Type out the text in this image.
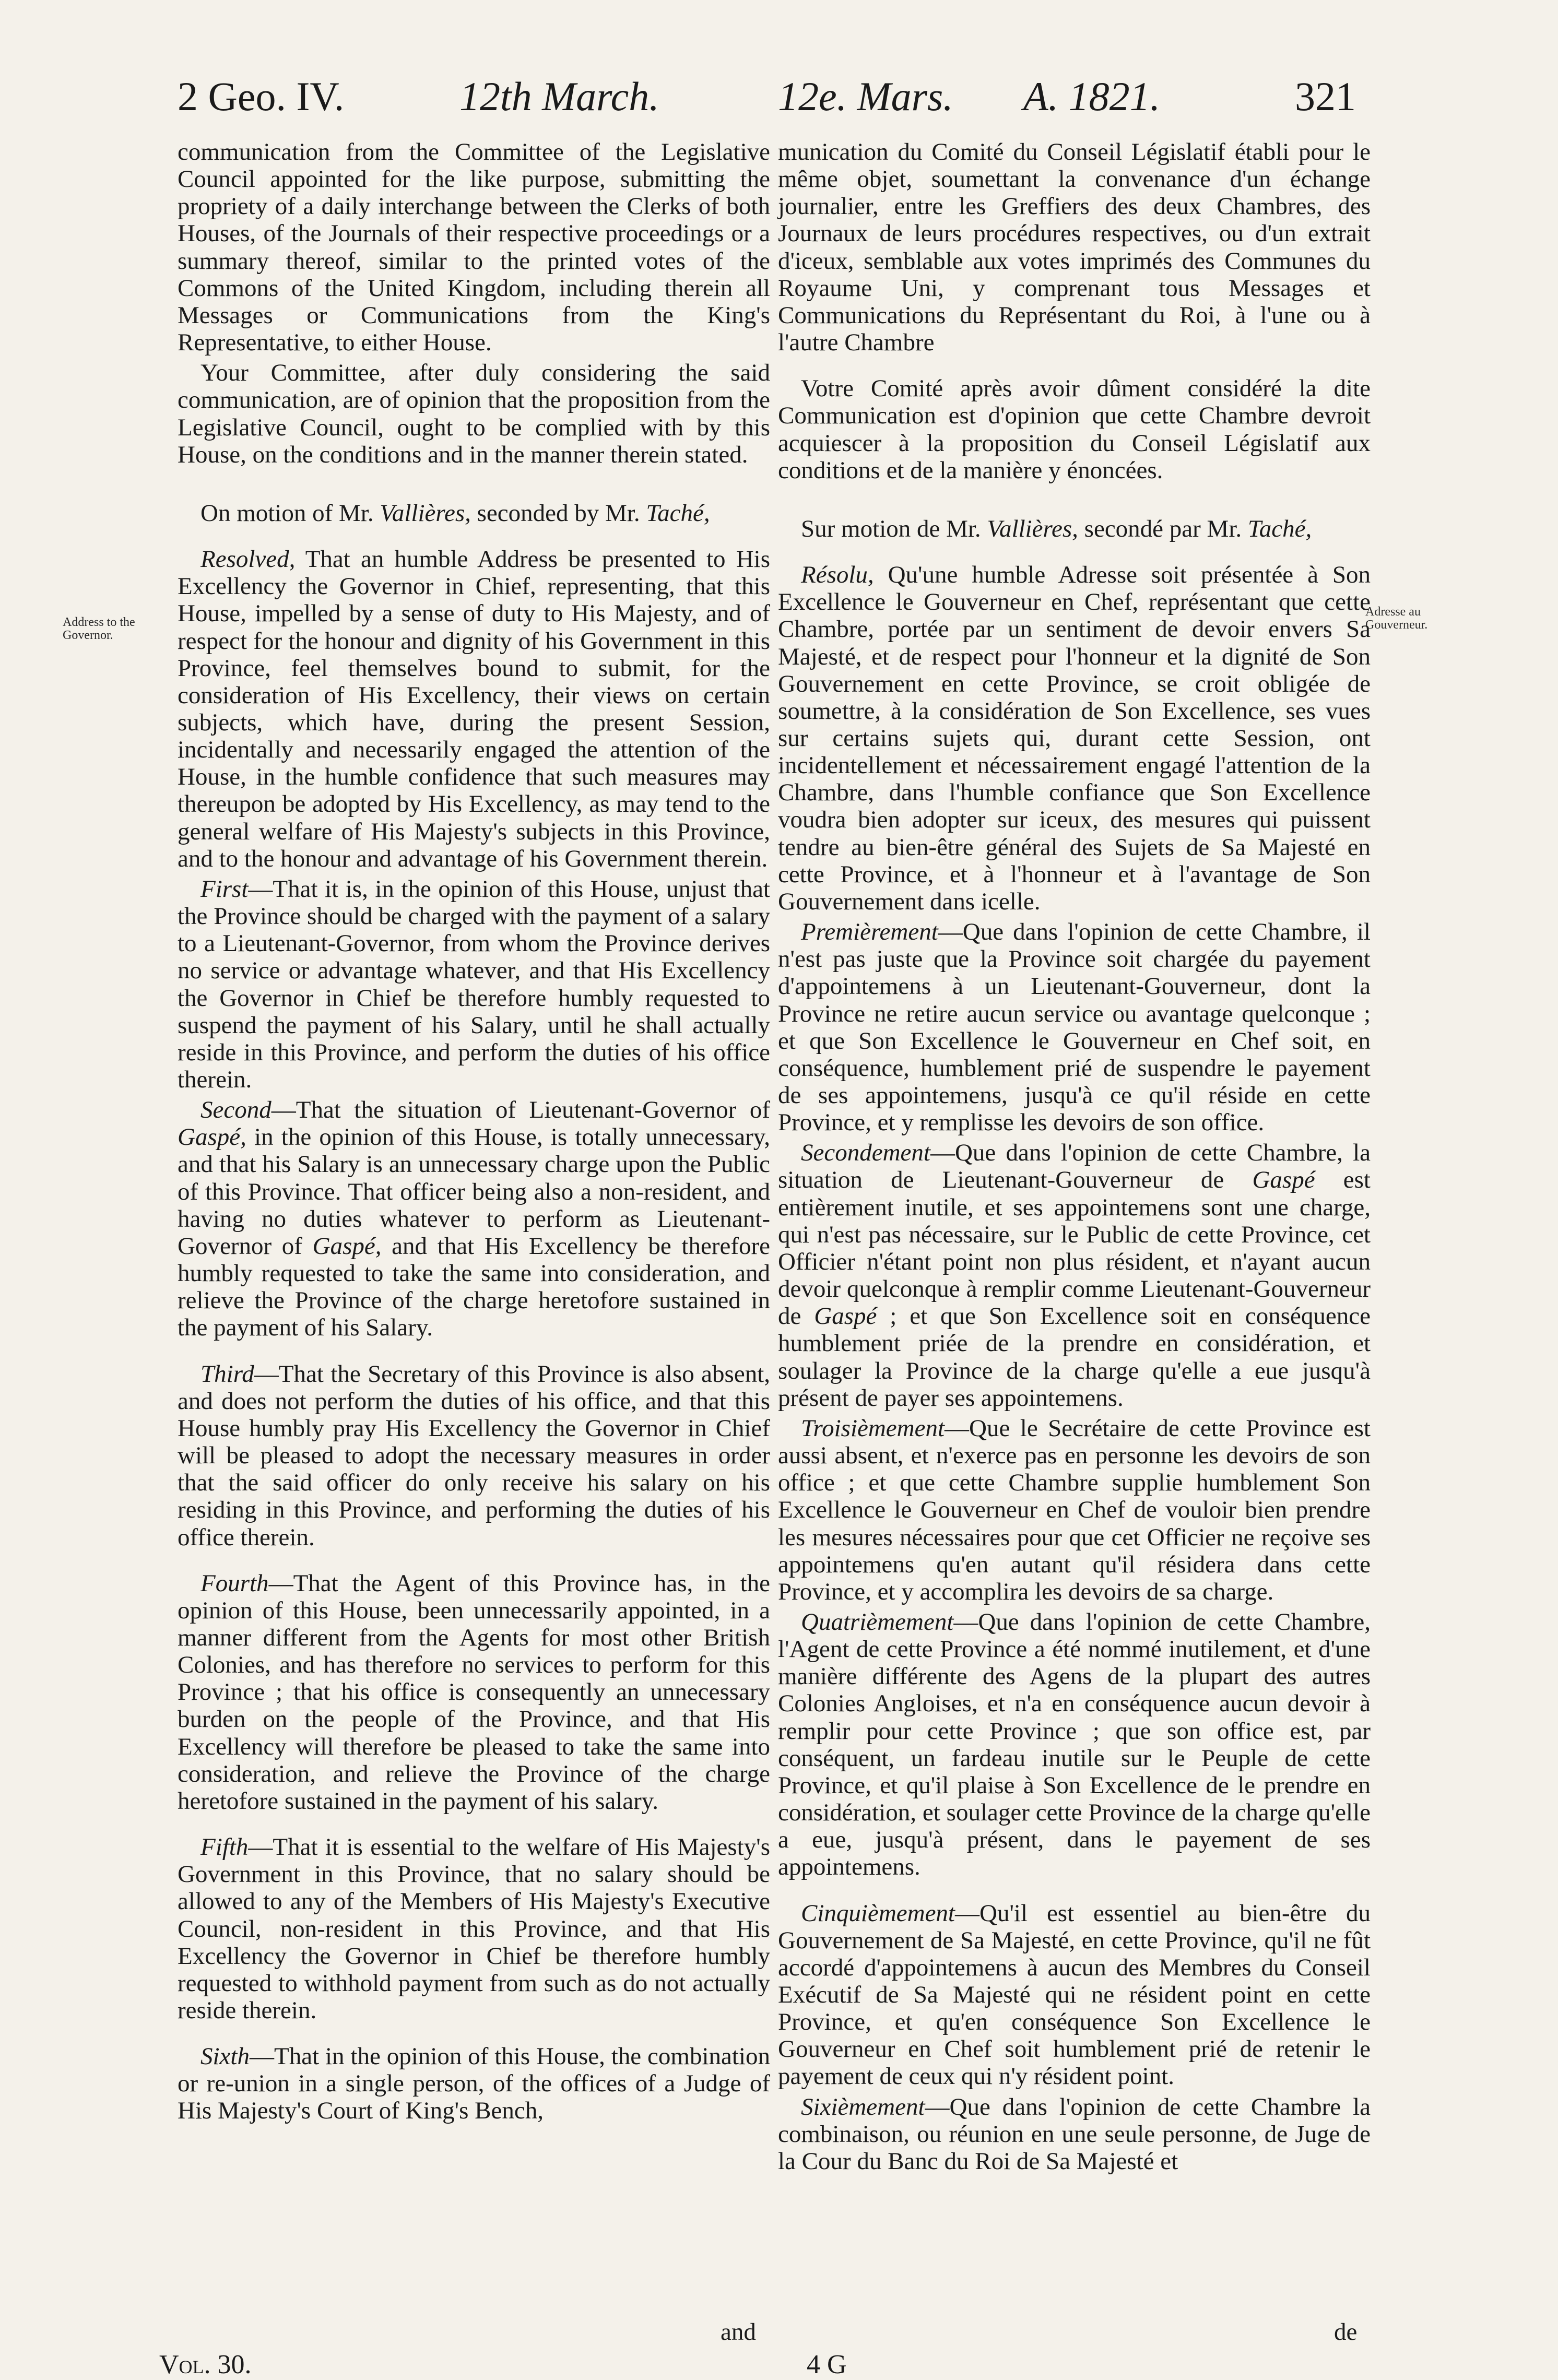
2 Geo. IV.	12th March.	12e. Mars. A. 1821.	321
Address to the Governor.
Adresse au Gouverneur.

communication from the Committee of the Legislative Council appointed for the like purpose, submitting the propriety of a daily interchange between the Clerks of both Houses, of the Journals of their respective proceedings or a summary thereof, similar to the printed votes of the Commons of the United Kingdom, including therein all Messages or Communications from the King's Representative, to either House.

Your Committee, after duly considering the said communication, are of opinion that the proposition from the Legislative Council, ought to be complied with by this House, on the conditions and in the manner therein stated.

On motion of Mr. Vallières, seconded by Mr. Taché,

Resolved, That an humble Address be presented to His Excellency the Governor in Chief, representing, that this House, impelled by a sense of duty to His Majesty, and of respect for the honour and dignity of his Government in this Province, feel themselves bound to submit, for the consideration of His Excellency, their views on certain subjects, which have, during the present Session, incidentally and necessarily engaged the attention of the House, in the humble confidence that such measures may thereupon be adopted by His Excellency, as may tend to the general welfare of His Majesty's subjects in this Province, and to the honour and advantage of his Government therein.

First—That it is, in the opinion of this House, unjust that the Province should be charged with the payment of a salary to a Lieutenant-Governor, from whom the Province derives no service or advantage whatever, and that His Excellency the Governor in Chief be therefore humbly requested to suspend the payment of his Salary, until he shall actually reside in this Province, and perform the duties of his office therein.

Second—That the situation of Lieutenant-Governor of Gaspé, in the opinion of this House, is totally unnecessary, and that his Salary is an unnecessary charge upon the Public of this Province. That officer being also a non-resident, and having no duties whatever to perform as Lieutenant-Governor of Gaspé, and that His Excellency be therefore humbly requested to take the same into consideration, and relieve the Province of the charge heretofore sustained in the payment of his Salary.

Third—That the Secretary of this Province is also absent, and does not perform the duties of his office, and that this House humbly pray His Excellency the Governor in Chief will be pleased to adopt the necessary measures in order that the said officer do only receive his salary on his residing in this Province, and performing the duties of his office therein.

Fourth—That the Agent of this Province has, in the opinion of this House, been unnecessarily appointed, in a manner different from the Agents for most other British Colonies, and has therefore no services to perform for this Province ; that his office is consequently an unnecessary burden on the people of the Province, and that His Excellency will therefore be pleased to take the same into consideration, and relieve the Province of the charge heretofore sustained in the payment of his salary.

Fifth—That it is essential to the welfare of His Majesty's Government in this Province, that no salary should be allowed to any of the Members of His Majesty's Executive Council, non-resident in this Province, and that His Excellency the Governor in Chief be therefore humbly requested to withhold payment from such as do not actually reside therein.

Sixth—That in the opinion of this House, the combination or re-union in a single person, of the offices of a Judge of His Majesty's Court of King's Bench,

munication du Comité du Conseil Législatif établi pour le même objet, soumettant la convenance d'un échange journalier, entre les Greffiers des deux Chambres, des Journaux de leurs procédures respectives, ou d'un extrait d'iceux, semblable aux votes imprimés des Communes du Royaume Uni, y comprenant tous Messages et Communications du Représentant du Roi, à l'une ou à l'autre Chambre

Votre Comité après avoir dûment considéré la dite Communication est d'opinion que cette Chambre devroit acquiescer à la proposition du Conseil Législatif aux conditions et de la manière y énoncées.

Sur motion de Mr. Vallières, secondé par Mr. Taché,

Résolu, Qu'une humble Adresse soit présentée à Son Excellence le Gouverneur en Chef, représentant que cette Chambre, portée par un sentiment de devoir envers Sa Majesté, et de respect pour l'honneur et la dignité de Son Gouvernement en cette Province, se croit obligée de soumettre, à la considération de Son Excellence, ses vues sur certains sujets qui, durant cette Session, ont incidentellement et nécessairement engagé l'attention de la Chambre, dans l'humble confiance que Son Excellence voudra bien adopter sur iceux, des mesures qui puissent tendre au bien-être général des Sujets de Sa Majesté en cette Province, et à l'honneur et à l'avantage de Son Gouvernement dans icelle.

Premièrement—Que dans l'opinion de cette Chambre, il n'est pas juste que la Province soit chargée du payement d'appointemens à un Lieutenant-Gouverneur, dont la Province ne retire aucun service ou avantage quelconque ; et que Son Excellence le Gouverneur en Chef soit, en conséquence, humblement prié de suspendre le payement de ses appointemens, jusqu'à ce qu'il réside en cette Province, et y remplisse les devoirs de son office.

Secondement—Que dans l'opinion de cette Chambre, la situation de Lieutenant-Gouverneur de Gaspé est entièrement inutile, et ses appointemens sont une charge, qui n'est pas nécessaire, sur le Public de cette Province, cet Officier n'étant point non plus résident, et n'ayant aucun devoir quelconque à remplir comme Lieutenant-Gouverneur de Gaspé ; et que Son Excellence soit en conséquence humblement priée de la prendre en considération, et soulager la Province de la charge qu'elle a eue jusqu'à présent de payer ses appointemens.

Troisièmement—Que le Secrétaire de cette Province est aussi absent, et n'exerce pas en personne les devoirs de son office ; et que cette Chambre supplie humblement Son Excellence le Gouverneur en Chef de vouloir bien prendre les mesures nécessaires pour que cet Officier ne reçoive ses appointemens qu'en autant qu'il résidera dans cette Province, et y accomplira les devoirs de sa charge.

Quatrièmement—Que dans l'opinion de cette Chambre, l'Agent de cette Province a été nommé inutilement, et d'une manière différente des Agens de la plupart des autres Colonies Angloises, et n'a en conséquence aucun devoir à remplir pour cette Province ; que son office est, par conséquent, un fardeau inutile sur le Peuple de cette Province, et qu'il plaise à Son Excellence de le prendre en considération, et soulager cette Province de la charge qu'elle a eue, jusqu'à présent, dans le payement de ses appointemens.

Cinquièmement—Qu'il est essentiel au bien-être du Gouvernement de Sa Majesté, en cette Province, qu'il ne fût accordé d'appointemens à aucun des Membres du Conseil Exécutif de Sa Majesté qui ne résident point en cette Province, et qu'en conséquence Son Excellence le Gouverneur en Chef soit humblement prié de retenir le payement de ceux qui n'y résident point.

Sixièmement—Que dans l'opinion de cette Chambre la combinaison, ou réunion en une seule personne, de Juge de la Cour du Banc du Roi de Sa Majesté et

and	de
Vol. 30.	4 G
